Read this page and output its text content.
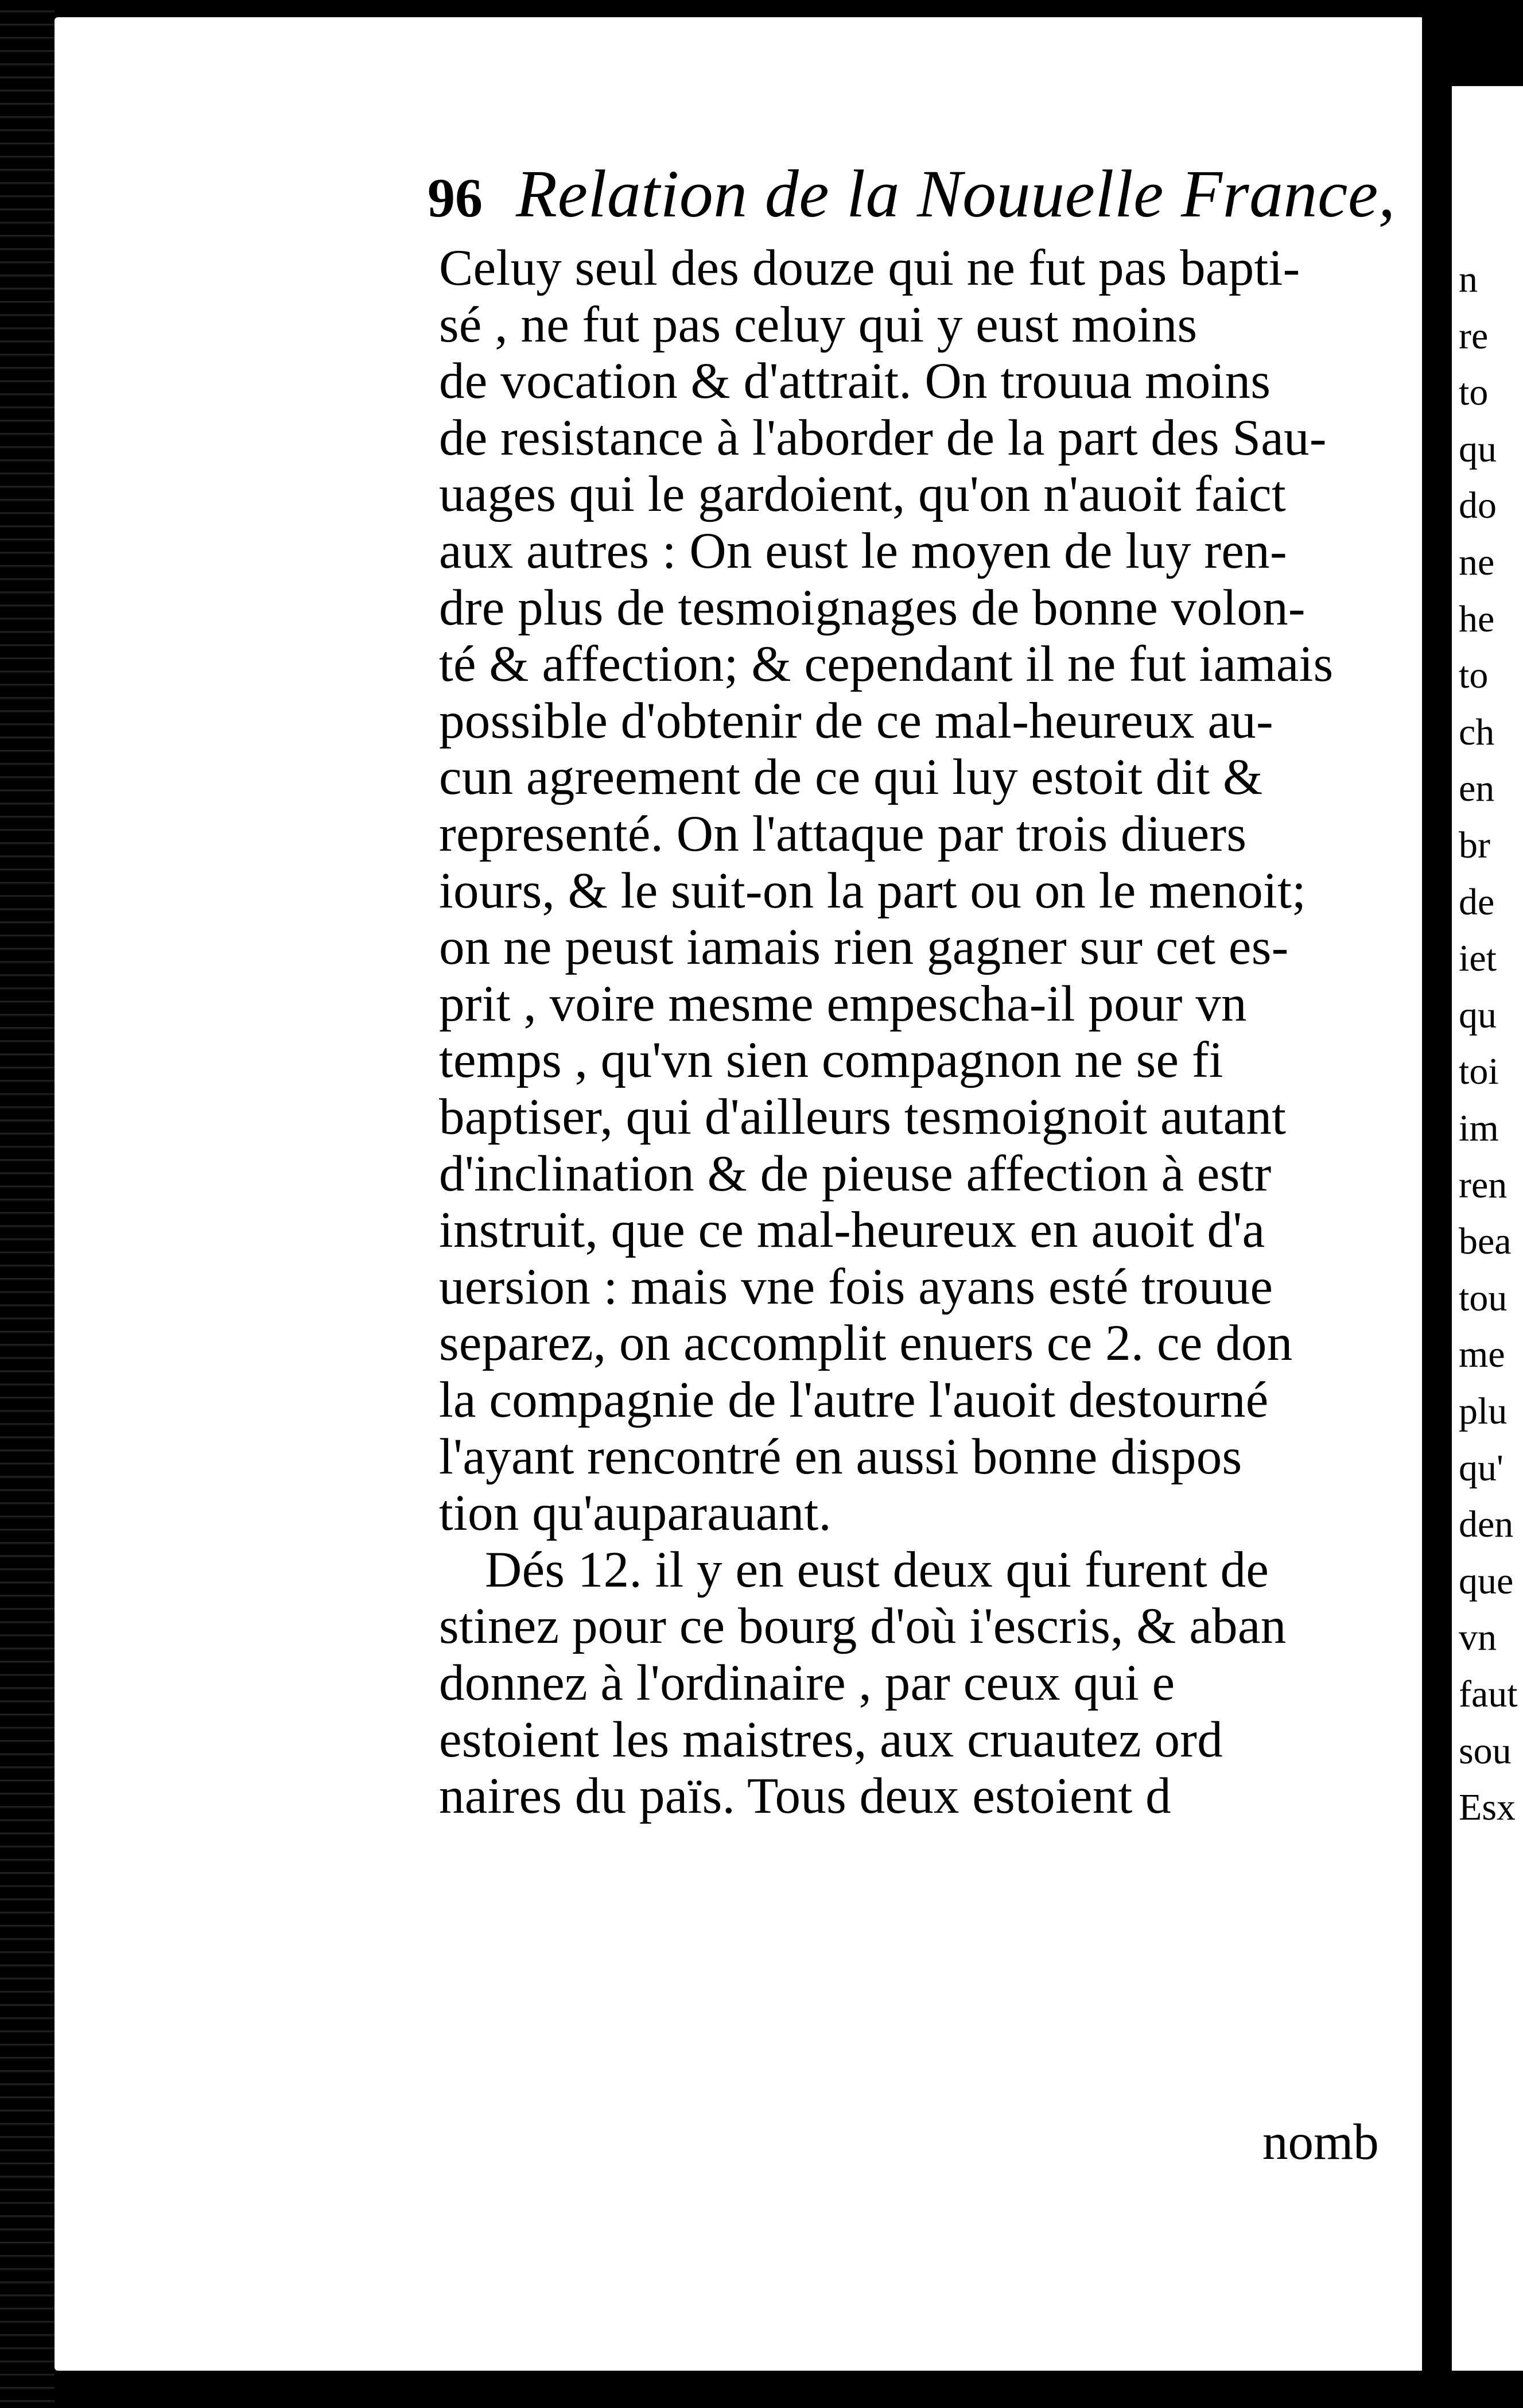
96 Relation de la Nouuelle France,
Celuy seul des douze qui ne fut pas bapti-
sé , ne fut pas celuy qui y eust moins
de vocation & d'attrait. On trouua moins
de resistance à l'aborder de la part des Sau-
uages qui le gardoient, qu'on n'auoit faict
aux autres : On eust le moyen de luy ren-
dre plus de tesmoignages de bonne volon-
té & affection; & cependant il ne fut iamais
possible d'obtenir de ce mal-heureux au-
cun agreement de ce qui luy estoit dit &
representé. On l'attaque par trois diuers
iours, & le suit-on la part ou on le menoit;
on ne peust iamais rien gagner sur cet es-
prit , voire mesme empescha-il pour vn
temps , qu'vn sien compagnon ne se fi
baptiser, qui d'ailleurs tesmoignoit autant
d'inclination & de pieuse affection à estr
instruit, que ce mal-heureux en auoit d'a
uersion : mais vne fois ayans esté trouue
separez, on accomplit enuers ce 2. ce don
la compagnie de l'autre l'auoit destourné
l'ayant rencontré en aussi bonne dispos
tion qu'auparauant.
Dés 12. il y en eust deux qui furent de
stinez pour ce bourg d'où i'escris, & aban
donnez à l'ordinaire , par ceux qui e
estoient les maistres, aux cruautez ord
naires du païs. Tous deux estoient d
nomb
n
re
to
qu
do
ne
he
to
ch
en
br
de
iet
qu
toi
im
ren
bea
tou
me
plu
qu'
den
que
vn
faut
sou
Esx
